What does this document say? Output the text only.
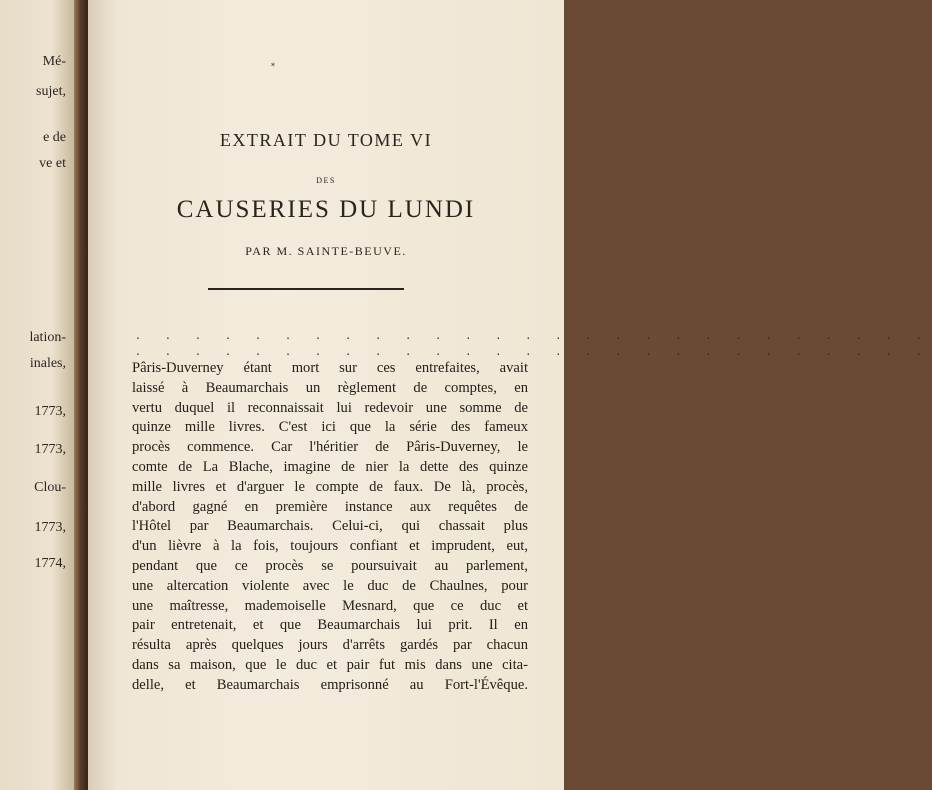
Mé-
sujet,
e de
ve et
lation-
inales,
1773,
1773,
Clou-
1773,
1774,
*
EXTRAIT DU TOME VI
DES
CAUSERIES DU LUNDI
PAR M. SAINTE-BEUVE.
. . . . . . . . . . . . . . . . . . . . . . . . . . .
. . . . . . . . . . . . . . . . . . . . . . . . . . .
Pâris-Duverney étant mort sur ces entrefaites, avait
laissé à Beaumarchais un règlement de comptes, en
vertu duquel il reconnaissait lui redevoir une somme de
quinze mille livres. C'est ici que la série des fameux
procès commence. Car l'héritier de Pâris-Duverney, le
comte de La Blache, imagine de nier la dette des quinze
mille livres et d'arguer le compte de faux. De là, procès,
d'abord gagné en première instance aux requêtes de
l'Hôtel par Beaumarchais. Celui-ci, qui chassait plus
d'un lièvre à la fois, toujours confiant et imprudent, eut,
pendant que ce procès se poursuivait au parlement,
une altercation violente avec le duc de Chaulnes, pour
une maîtresse, mademoiselle Mesnard, que ce duc et
pair entretenait, et que Beaumarchais lui prit. Il en
résulta après quelques jours d'arrêts gardés par chacun
dans sa maison, que le duc et pair fut mis dans une cita-
delle, et Beaumarchais emprisonné au Fort-l'Évêque.
